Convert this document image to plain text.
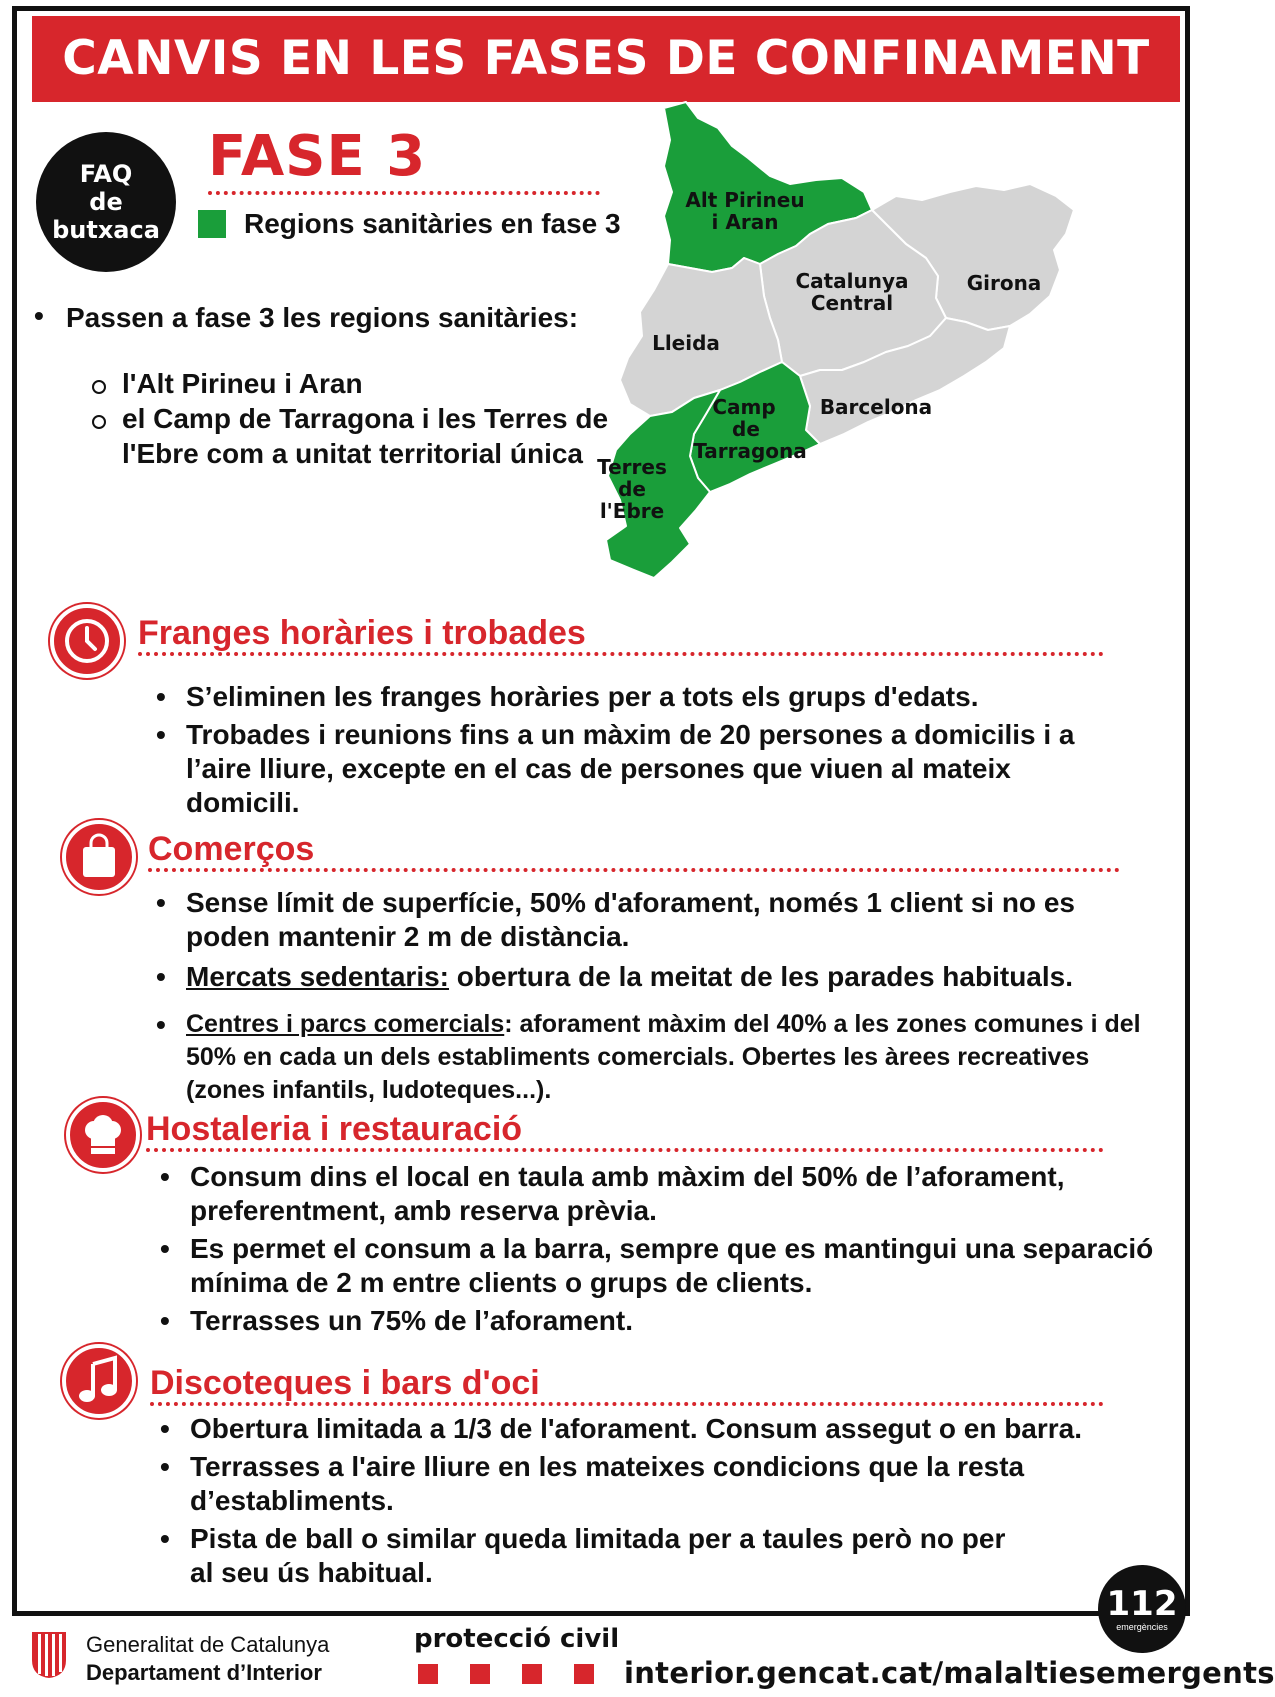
CANVIS EN LES FASES DE CONFINAMENT
FAQ
de
butxaca
FASE 3
Regions sanitàries en fase 3
• Passen a fase 3 les regions sanitàries:
l'Alt Pirineu i Aran
el Camp de Tarragona i les Terres de l'Ebre com a unitat territorial única
Alt Pirineu
i Aran
Catalunya
Central
Girona
Lleida
Barcelona
Camp
de
Tarragona
Terres
de
l'Ebre
Franges horàries i trobades
• S’eliminen les franges horàries per a tots els grups d'edats.
• Trobades i reunions fins a un màxim de 20 persones a domicilis i a l’aire lliure, excepte en el cas de persones que viuen al mateix domicili.
Comerços
• Sense límit de superfície, 50% d'aforament, només 1 client si no es poden mantenir 2 m de distància.
• Mercats sedentaris: obertura de la meitat de les parades habituals.
• Centres i parcs comercials: aforament màxim del 40% a les zones comunes i del 50% en cada un dels establiments comercials. Obertes les àrees recreatives (zones infantils, ludoteques...).
Hostaleria i restauració
• Consum dins el local en taula amb màxim del 50% de l’aforament, preferentment, amb reserva prèvia.
• Es permet el consum a la barra, sempre que es mantingui una separació mínima de 2 m entre clients o grups de clients.
• Terrasses un 75% de l’aforament.
Discoteques i bars d'oci
• Obertura limitada a 1/3 de l'aforament. Consum assegut o en barra.
• Terrasses a l'aire lliure en les mateixes condicions que la resta d’establiments.
• Pista de ball o similar queda limitada per a taules però no per al seu ús habitual.
112
emergències
Generalitat de Catalunya
Departament d’Interior
protecció civil
interior.gencat.cat/malaltiesemergents
